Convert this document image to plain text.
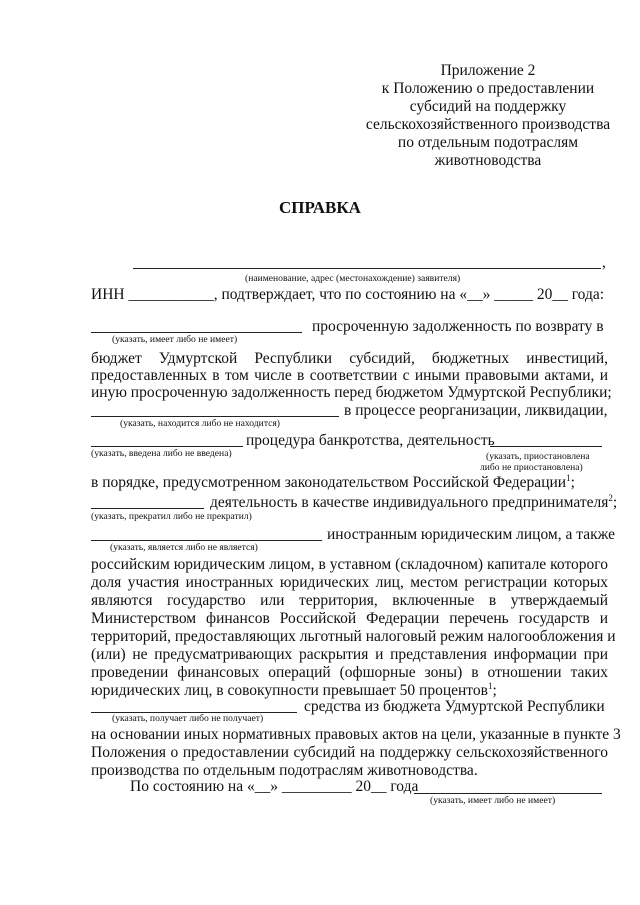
Приложение 2
к Положению о предоставлении
субсидий на поддержку
сельскохозяйственного производства
по отдельным подотраслям
животноводства
СПРАВКА
,
(наименование, адрес (местонахождение) заявителя)
ИНН ___________, подтверждает, что по состоянию на «__» _____ 20__ года:
просроченную задолженность по возврату в
(указать, имеет либо не имеет)
бюджет Удмуртской Республики субсидий, бюджетных инвестиций,
предоставленных в том числе в соответствии с иными правовыми актами, и
иную просроченную задолженность перед бюджетом Удмуртской Республики;
в процессе реорганизации, ликвидации,
(указать, находится либо не находится)
процедура банкротства, деятельность
(указать, введена либо не введена)	(указать, приостановлена
либо не приостановлена)
в порядке, предусмотренном законодательством Российской Федерации$^1$;
деятельность в качестве индивидуального предпринимателя$^2$;
(указать, прекратил либо не прекратил)
иностранным юридическим лицом, а также
(указать, является либо не является)
российским юридическим лицом, в уставном (складочном) капитале которого
доля участия иностранных юридических лиц, местом регистрации которых
являются государство или территория, включенные в утверждаемый
Министерством финансов Российской Федерации перечень государств и
территорий, предоставляющих льготный налоговый режим налогообложения и
(или) не предусматривающих раскрытия и представления информации при
проведении финансовых операций (офшорные зоны) в отношении таких
юридических лиц, в совокупности превышает 50 процентов$^1$;
средства из бюджета Удмуртской Республики
(указать, получает либо не получает)
на основании иных нормативных правовых актов на цели, указанные в пункте 3
Положения о предоставлении субсидий на поддержку сельскохозяйственного
производства по отдельным подотраслям животноводства.
По состоянию на «__» _________ 20__ года
(указать, имеет либо не имеет)
